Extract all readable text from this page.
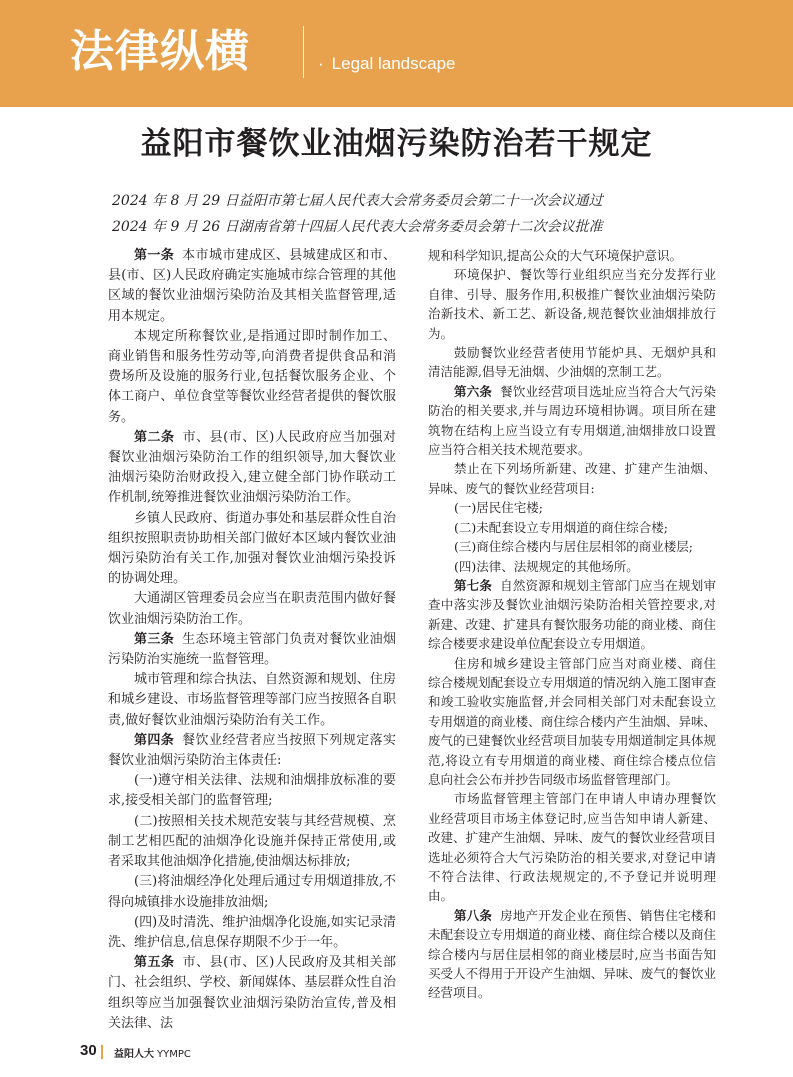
法律纵横	· Legal landscape
益阳市餐饮业油烟污染防治若干规定
2024 年 8 月 29 日益阳市第七届人民代表大会常务委员会第二十一次会议通过
2024 年 9 月 26 日湖南省第十四届人民代表大会常务委员会第十二次会议批准

第一条 本市城市建成区、县城建成区和市、县(市、区)人民政府确定实施城市综合管理的其他区域的餐饮业油烟污染防治及其相关监督管理,适用本规定。

本规定所称餐饮业,是指通过即时制作加工、商业销售和服务性劳动等,向消费者提供食品和消费场所及设施的服务行业,包括餐饮服务企业、个体工商户、单位食堂等餐饮业经营者提供的餐饮服务。

第二条 市、县(市、区)人民政府应当加强对餐饮业油烟污染防治工作的组织领导,加大餐饮业油烟污染防治财政投入,建立健全部门协作联动工作机制,统筹推进餐饮业油烟污染防治工作。

乡镇人民政府、街道办事处和基层群众性自治组织按照职责协助相关部门做好本区域内餐饮业油烟污染防治有关工作,加强对餐饮业油烟污染投诉的协调处理。

大通湖区管理委员会应当在职责范围内做好餐饮业油烟污染防治工作。

第三条 生态环境主管部门负责对餐饮业油烟污染防治实施统一监督管理。

城市管理和综合执法、自然资源和规划、住房和城乡建设、市场监督管理等部门应当按照各自职责,做好餐饮业油烟污染防治有关工作。

第四条 餐饮业经营者应当按照下列规定落实餐饮业油烟污染防治主体责任:

(一)遵守相关法律、法规和油烟排放标准的要求,接受相关部门的监督管理;

(二)按照相关技术规范安装与其经营规模、烹制工艺相匹配的油烟净化设施并保持正常使用,或者采取其他油烟净化措施,使油烟达标排放;

(三)将油烟经净化处理后通过专用烟道排放,不得向城镇排水设施排放油烟;

(四)及时清洗、维护油烟净化设施,如实记录清洗、维护信息,信息保存期限不少于一年。

第五条 市、县(市、区)人民政府及其相关部门、社会组织、学校、新闻媒体、基层群众性自治组织等应当加强餐饮业油烟污染防治宣传,普及相关法律、法

规和科学知识,提高公众的大气环境保护意识。

环境保护、餐饮等行业组织应当充分发挥行业自律、引导、服务作用,积极推广餐饮业油烟污染防治新技术、新工艺、新设备,规范餐饮业油烟排放行为。

鼓励餐饮业经营者使用节能炉具、无烟炉具和清洁能源,倡导无油烟、少油烟的烹制工艺。

第六条 餐饮业经营项目选址应当符合大气污染防治的相关要求,并与周边环境相协调。项目所在建筑物在结构上应当设立有专用烟道,油烟排放口设置应当符合相关技术规范要求。

禁止在下列场所新建、改建、扩建产生油烟、异味、废气的餐饮业经营项目:

(一)居民住宅楼;

(二)未配套设立专用烟道的商住综合楼;

(三)商住综合楼内与居住层相邻的商业楼层;

(四)法律、法规规定的其他场所。

第七条 自然资源和规划主管部门应当在规划审查中落实涉及餐饮业油烟污染防治相关管控要求,对新建、改建、扩建具有餐饮服务功能的商业楼、商住综合楼要求建设单位配套设立专用烟道。

住房和城乡建设主管部门应当对商业楼、商住综合楼规划配套设立专用烟道的情况纳入施工图审查和竣工验收实施监督,并会同相关部门对未配套设立专用烟道的商业楼、商住综合楼内产生油烟、异味、废气的已建餐饮业经营项目加装专用烟道制定具体规范,将设立有专用烟道的商业楼、商住综合楼点位信息向社会公布并抄告同级市场监督管理部门。

市场监督管理主管部门在申请人申请办理餐饮业经营项目市场主体登记时,应当告知申请人新建、改建、扩建产生油烟、异味、废气的餐饮业经营项目选址必须符合大气污染防治的相关要求,对登记申请不符合法律、行政法规规定的,不予登记并说明理由。

第八条 房地产开发企业在预售、销售住宅楼和未配套设立专用烟道的商业楼、商住综合楼以及商住综合楼内与居住层相邻的商业楼层时,应当书面告知买受人不得用于开设产生油烟、异味、废气的餐饮业经营项目。

30 益阳人大 YYMPC
